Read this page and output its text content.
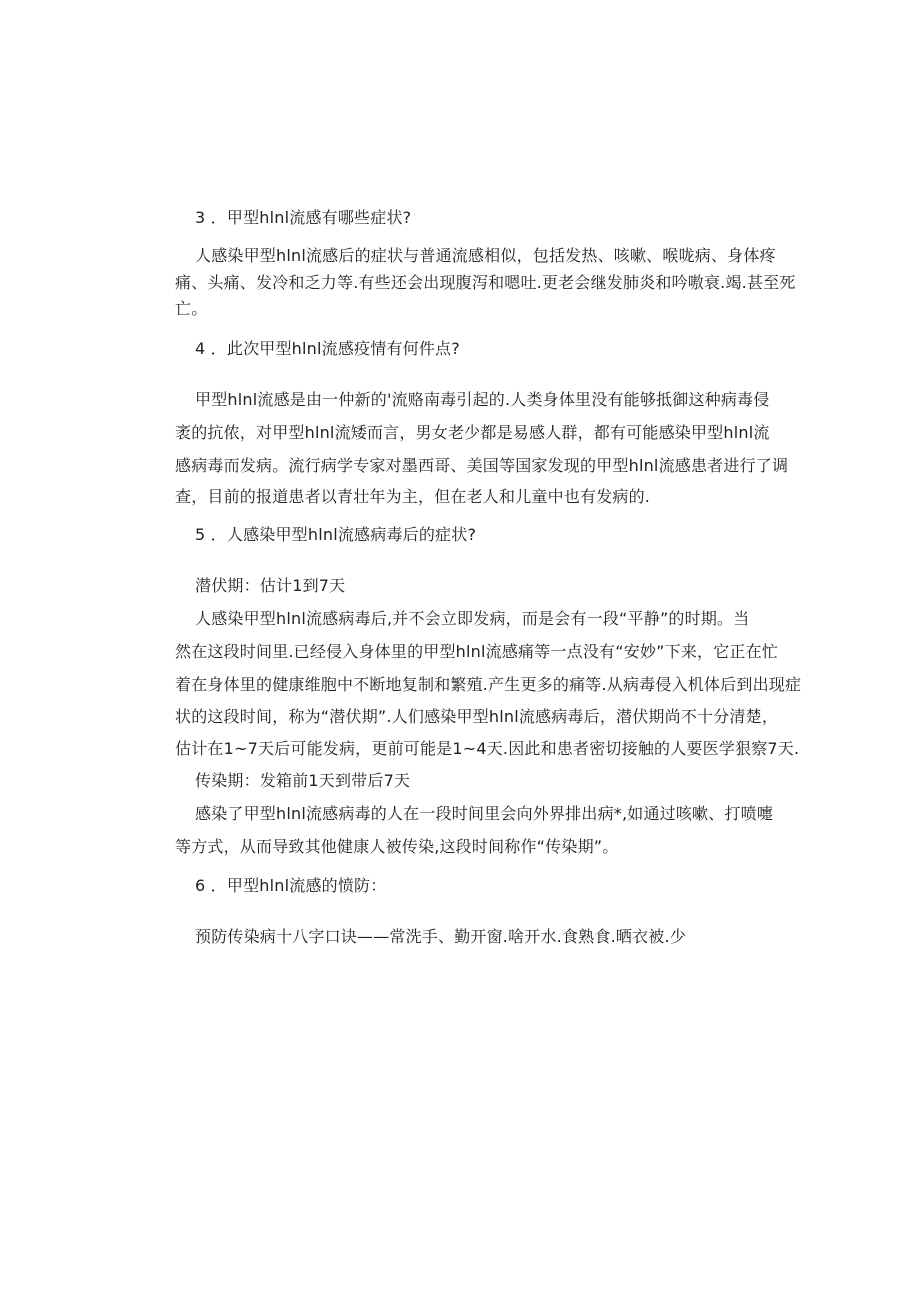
3 ．甲型hlnl流感有哪些症状?
人感染甲型hlnl流感后的症状与普通流感相似，包括发热、咳嗽、喉咙病、身体疼
痛、头痛、发冷和乏力等.有些还会出现腹泻和嗯吐.更老会继发肺炎和吟嗷衰.竭.甚至死
亡。
4 ．此次甲型hlnl流感疫情有何件点?
甲型hlnl流感是由一仲新的'流赂南毒引起的.人类身体里没有能够抵御这种病毒侵
袤的抗侬，对甲型hlnl流矮而言，男女老少都是易感人群，都有可能感染甲型hlnl流
感病毒而发病。流行病学专家对墨西哥、美国等国家发现的甲型hlnl流感患者进行了调
查，目前的报道患者以青壮年为主，但在老人和儿童中也有发病的.
5 ．人感染甲型hlnl流感病毒后的症状?
潜伏期：估计1到7天
人感染甲型hlnl流感病毒后,并不会立即发病，而是会有一段“平静”的时期。当
然在这段时间里.已经侵入身体里的甲型hlnl流感痛等一点没有“安妙”下来，它正在忙
着在身体里的健康维胞中不断地复制和繁殖.产生更多的痛等.从病毒侵入机体后到出现症
状的这段时间，称为“潜伏期”.人们感染甲型hlnl流感病毒后，潜伏期尚不十分清楚，
估计在1~7天后可能发病，更前可能是1~4天.因此和患者密切接触的人要医学狠察7天.
传染期：发箱前1天到带后7天
感染了甲型hlnl流感病毒的人在一段时间里会向外界排出病*,如通过咳嗽、打喷嚏
等方式，从而导致其他健康人被传染,这段时间称作“传染期”。
6 ．甲型hlnl流感的愤防：
预防传染病十八字口诀——常洗手、勤开窗.啥开水.食熟食.晒衣被.少
